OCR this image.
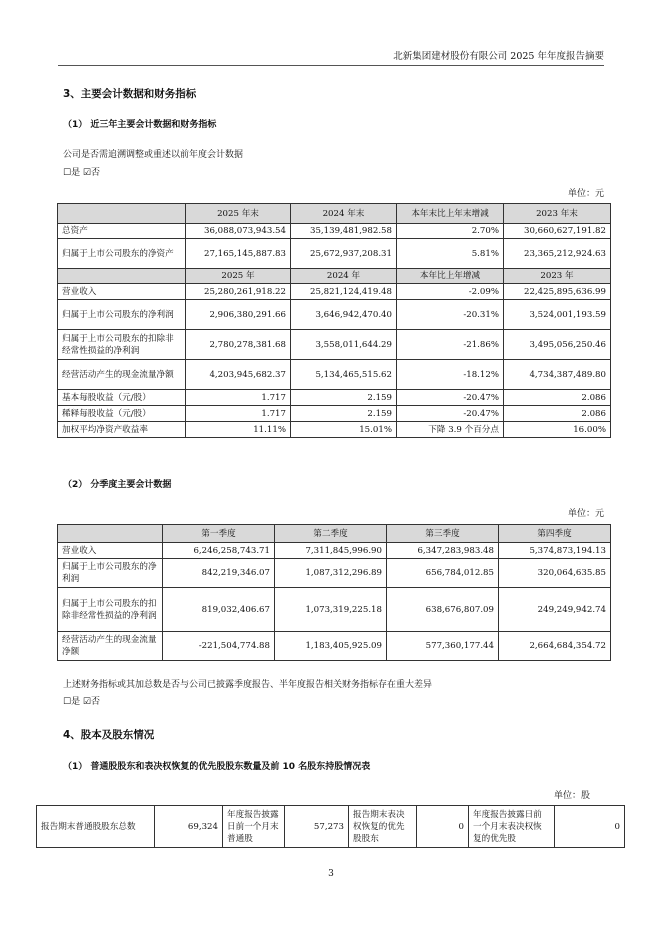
北新集团建材股份有限公司 2025 年年度报告摘要
3、主要会计数据和财务指标
（1） 近三年主要会计数据和财务指标
公司是否需追溯调整或重述以前年度会计数据
☐是 ☑否
单位：元
	2025 年末	2024 年末	本年末比上年末增减	2023 年末
总资产	36,088,073,943.54	35,139,481,982.58	2.70%	30,660,627,191.82
归属于上市公司股东的净资产	27,165,145,887.83	25,672,937,208.31	5.81%	23,365,212,924.63
	2025 年	2024 年	本年比上年增减	2023 年
营业收入	25,280,261,918.22	25,821,124,419.48	-2.09%	22,425,895,636.99
归属于上市公司股东的净利润	2,906,380,291.66	3,646,942,470.40	-20.31%	3,524,001,193.59
归属于上市公司股东的扣除非经常性损益的净利润	2,780,278,381.68	3,558,011,644.29	-21.86%	3,495,056,250.46
经营活动产生的现金流量净额	4,203,945,682.37	5,134,465,515.62	-18.12%	4,734,387,489.80
基本每股收益（元/股）	1.717	2.159	-20.47%	2.086
稀释每股收益（元/股）	1.717	2.159	-20.47%	2.086
加权平均净资产收益率	11.11%	15.01%	下降 3.9 个百分点	16.00%
（2） 分季度主要会计数据
单位：元
	第一季度	第二季度	第三季度	第四季度
营业收入	6,246,258,743.71	7,311,845,996.90	6,347,283,983.48	5,374,873,194.13
归属于上市公司股东的净利润	842,219,346.07	1,087,312,296.89	656,784,012.85	320,064,635.85
归属于上市公司股东的扣除非经常性损益的净利润	819,032,406.67	1,073,319,225.18	638,676,807.09	249,249,942.74
经营活动产生的现金流量净额	-221,504,774.88	1,183,405,925.09	577,360,177.44	2,664,684,354.72
上述财务指标或其加总数是否与公司已披露季度报告、半年度报告相关财务指标存在重大差异
☐是 ☑否
4、股本及股东情况
（1） 普通股股东和表决权恢复的优先股股东数量及前 10 名股东持股情况表
单位：股
报告期末普通股股东总数	69,324	年度报告披露日前一个月末普通股	57,273	报告期末表决权恢复的优先股股东	0	年度报告披露日前一个月末表决权恢复的优先股	0
3
